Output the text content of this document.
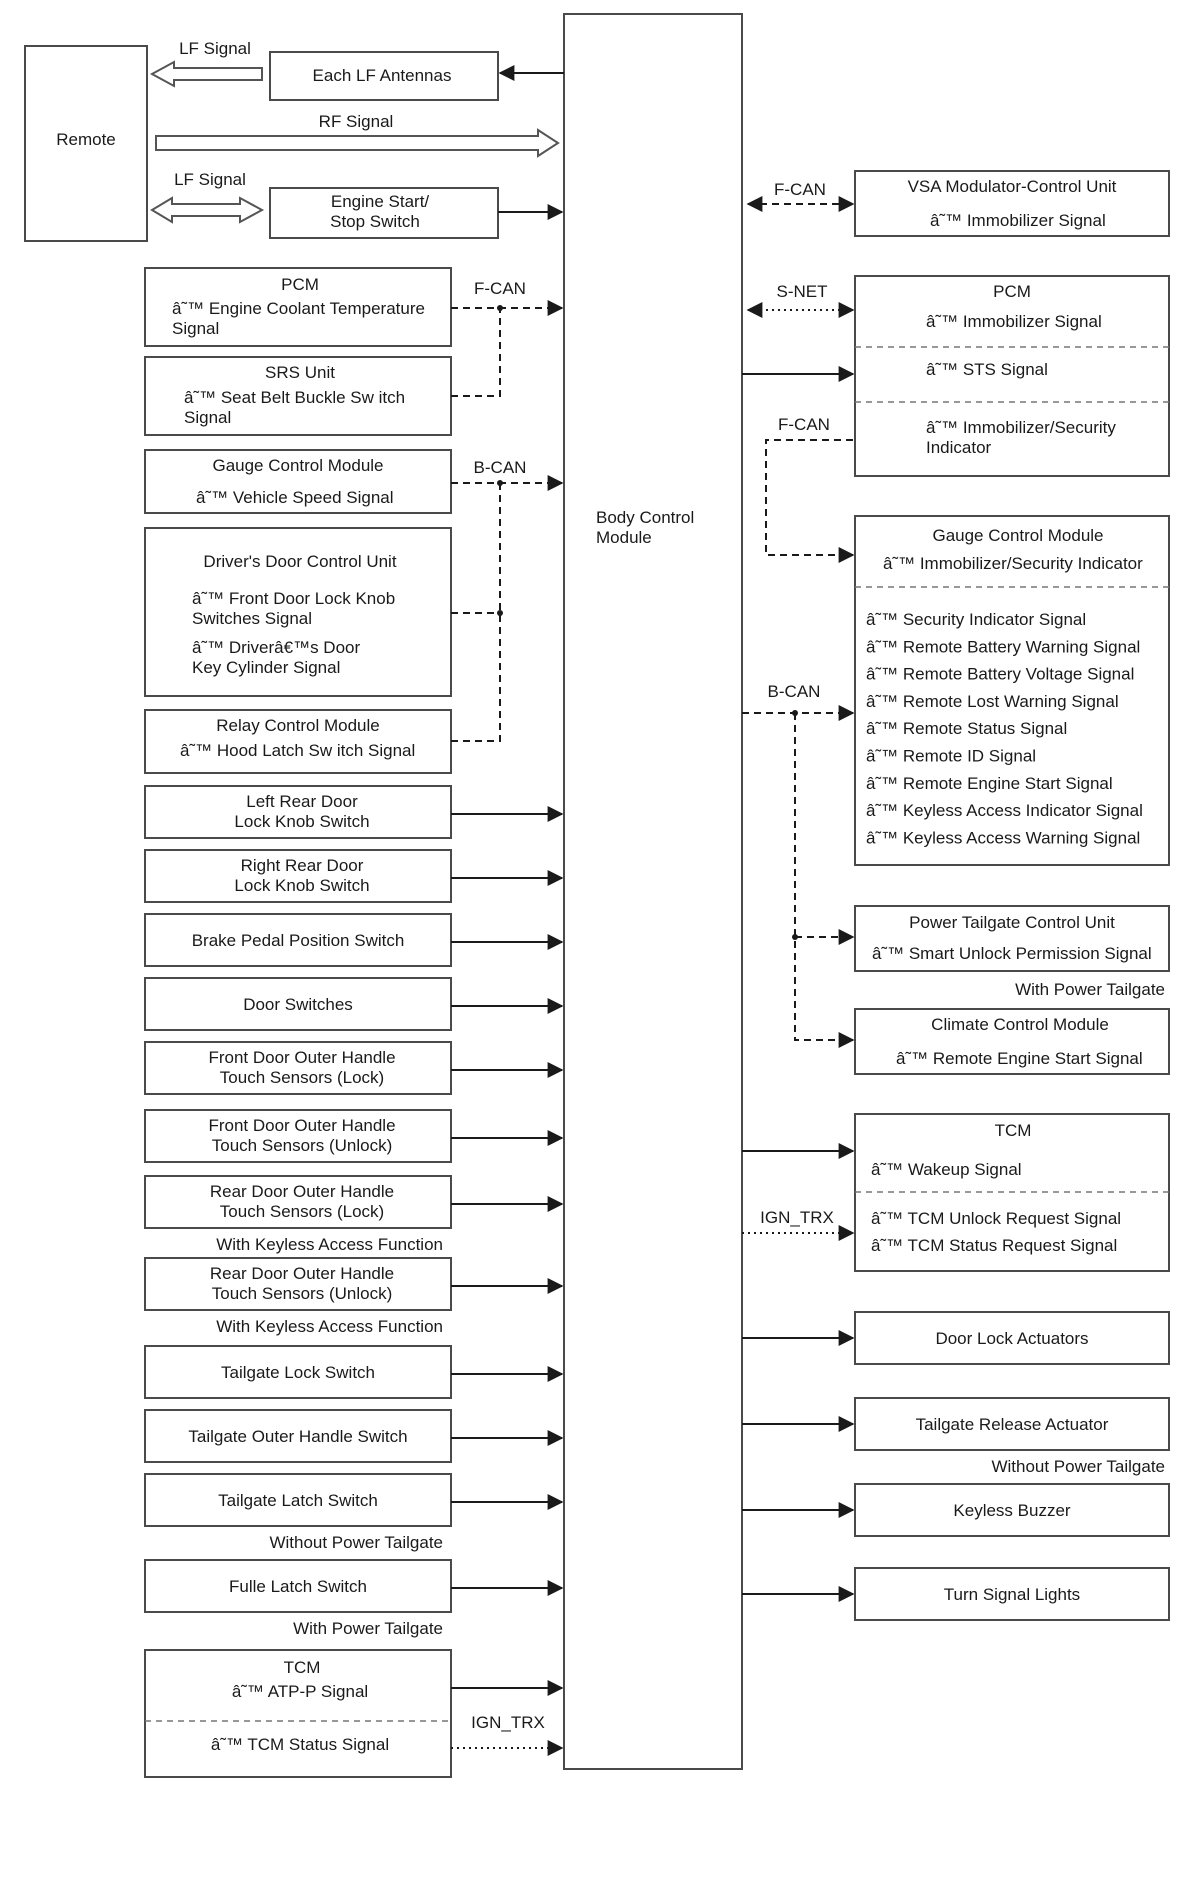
Body Control
Module
Remote
Each LF Antennas
Engine Start/
Stop Switch
LF Signal
RF Signal
LF Signal
PCM
â˜™ Engine Coolant Temperature
Signal
SRS Unit
â˜™ Seat Belt Buckle Sw itch
Signal
F-CAN
Gauge Control Module
â˜™ Vehicle Speed Signal
Driver's Door Control Unit
â˜™ Front Door Lock Knob
Switches Signal
â˜™ Driverâ€™s Door
Key Cylinder Signal
Relay Control Module
â˜™ Hood Latch Sw itch Signal
B-CAN
Left Rear Door
Lock Knob Switch
Right Rear Door
Lock Knob Switch
Brake Pedal Position Switch
Door Switches
Front Door Outer Handle
Touch Sensors (Lock)
Front Door Outer Handle
Touch Sensors (Unlock)
Rear Door Outer Handle
Touch Sensors (Lock)
With Keyless Access Function
Rear Door Outer Handle
Touch Sensors (Unlock)
With Keyless Access Function
Tailgate Lock Switch
Tailgate Outer Handle Switch
Tailgate Latch Switch
Without Power Tailgate
Fulle Latch Switch
With Power Tailgate
TCM
â˜™ ATP-P Signal
â˜™ TCM Status Signal
IGN_TRX
VSA Modulator-Control Unit
â˜™ Immobilizer Signal
F-CAN
PCM
â˜™ Immobilizer Signal
â˜™ STS Signal
â˜™ Immobilizer/Security
Indicator
S-NET
F-CAN
Gauge Control Module
â˜™ Immobilizer/Security Indicator
â˜™ Security Indicator Signal
â˜™ Remote Battery Warning Signal
â˜™ Remote Battery Voltage Signal
â˜™ Remote Lost Warning Signal
â˜™ Remote Status Signal
â˜™ Remote ID Signal
â˜™ Remote Engine Start Signal
â˜™ Keyless Access Indicator Signal
â˜™ Keyless Access Warning Signal
Power Tailgate Control Unit
â˜™ Smart Unlock Permission Signal
With Power Tailgate
Climate Control Module
â˜™ Remote Engine Start Signal
B-CAN
TCM
â˜™ Wakeup Signal
â˜™ TCM Unlock Request Signal
â˜™ TCM Status Request Signal
IGN_TRX
Door Lock Actuators
Tailgate Release Actuator
Without Power Tailgate
Keyless Buzzer
Turn Signal Lights
